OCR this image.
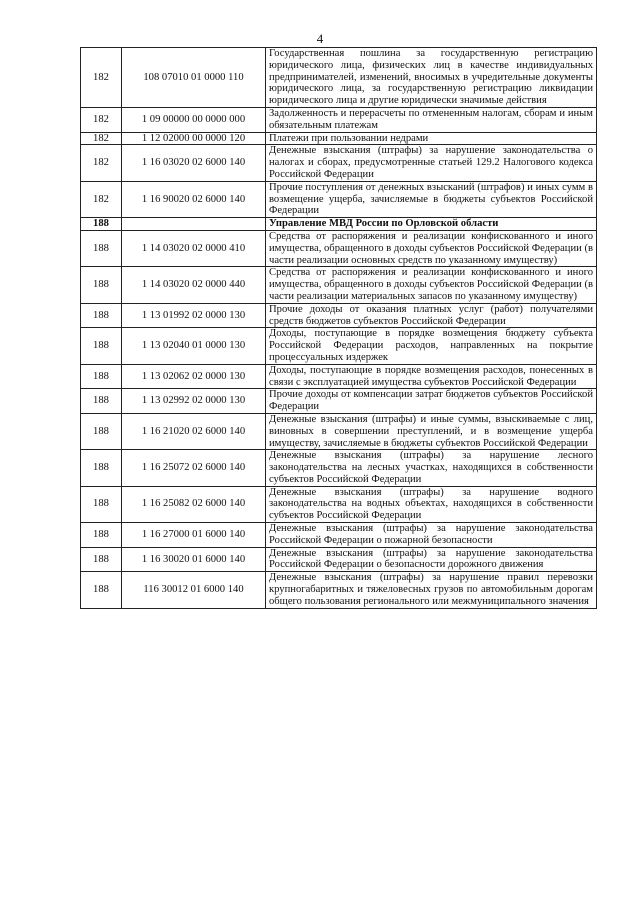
4
182	108 07010 01 0000 110	Государственная пошлина за государственную регистрацию юридического лица, физических лиц в качестве индивидуальных предпринимателей, изменений, вносимых в учредительные документы юридического лица, за государственную регистрацию ликвидации юридического лица и другие юридически значимые действия
182	1 09 00000 00 0000 000	Задолженность и перерасчеты по отмененным налогам, сборам и иным обязательным платежам
182	1 12 02000 00 0000 120	Платежи при пользовании недрами
182	1 16 03020 02 6000 140	Денежные взыскания (штрафы) за нарушение законодательства о налогах и сборах, предусмотренные статьей 129.2 Налогового кодекса Российской Федерации
182	1 16 90020 02 6000 140	Прочие поступления от денежных взысканий (штрафов) и иных сумм в возмещение ущерба, зачисляемые в бюджеты субъектов Российской Федерации
188		Управление МВД России по Орловской области
188	1 14 03020 02 0000 410	Средства от распоряжения и реализации конфискованного и иного имущества, обращенного в доходы субъектов Российской Федерации (в части реализации основных средств по указанному имуществу)
188	1 14 03020 02 0000 440	Средства от распоряжения и реализации конфискованного и иного имущества, обращенного в доходы субъектов Российской Федерации (в части реализации материальных запасов по указанному имуществу)
188	1 13 01992 02 0000 130	Прочие доходы от оказания платных услуг (работ) получателями средств бюджетов субъектов Российской Федерации
188	1 13 02040 01 0000 130	Доходы, поступающие в порядке возмещения бюджету субъекта Российской Федерации расходов, направленных на покрытие процессуальных издержек
188	1 13 02062 02 0000 130	Доходы, поступающие в порядке возмещения расходов, понесенных в связи с эксплуатацией имущества субъектов Российской Федерации
188	1 13 02992 02 0000 130	Прочие доходы от компенсации затрат бюджетов субъектов Российской Федерации
188	1 16 21020 02 6000 140	Денежные взыскания (штрафы) и иные суммы, взыскиваемые с лиц, виновных в совершении преступлений, и в возмещение ущерба имуществу, зачисляемые в бюджеты субъектов Российской Федерации
188	1 16 25072 02 6000 140	Денежные взыскания (штрафы) за нарушение лесного законодательства на лесных участках, находящихся в собственности субъектов Российской Федерации
188	1 16 25082 02 6000 140	Денежные взыскания (штрафы) за нарушение водного законодательства на водных объектах, находящихся в собственности субъектов Российской Федерации
188	1 16 27000 01 6000 140	Денежные взыскания (штрафы) за нарушение законодательства Российской Федерации о пожарной безопасности
188	1 16 30020 01 6000 140	Денежные взыскания (штрафы) за нарушение законодательства Российской Федерации о безопасности дорожного движения
188	116 30012 01 6000 140	Денежные взыскания (штрафы) за нарушение правил перевозки крупногабаритных и тяжеловесных грузов по автомобильным дорогам общего пользования регионального или межмуниципального значения
